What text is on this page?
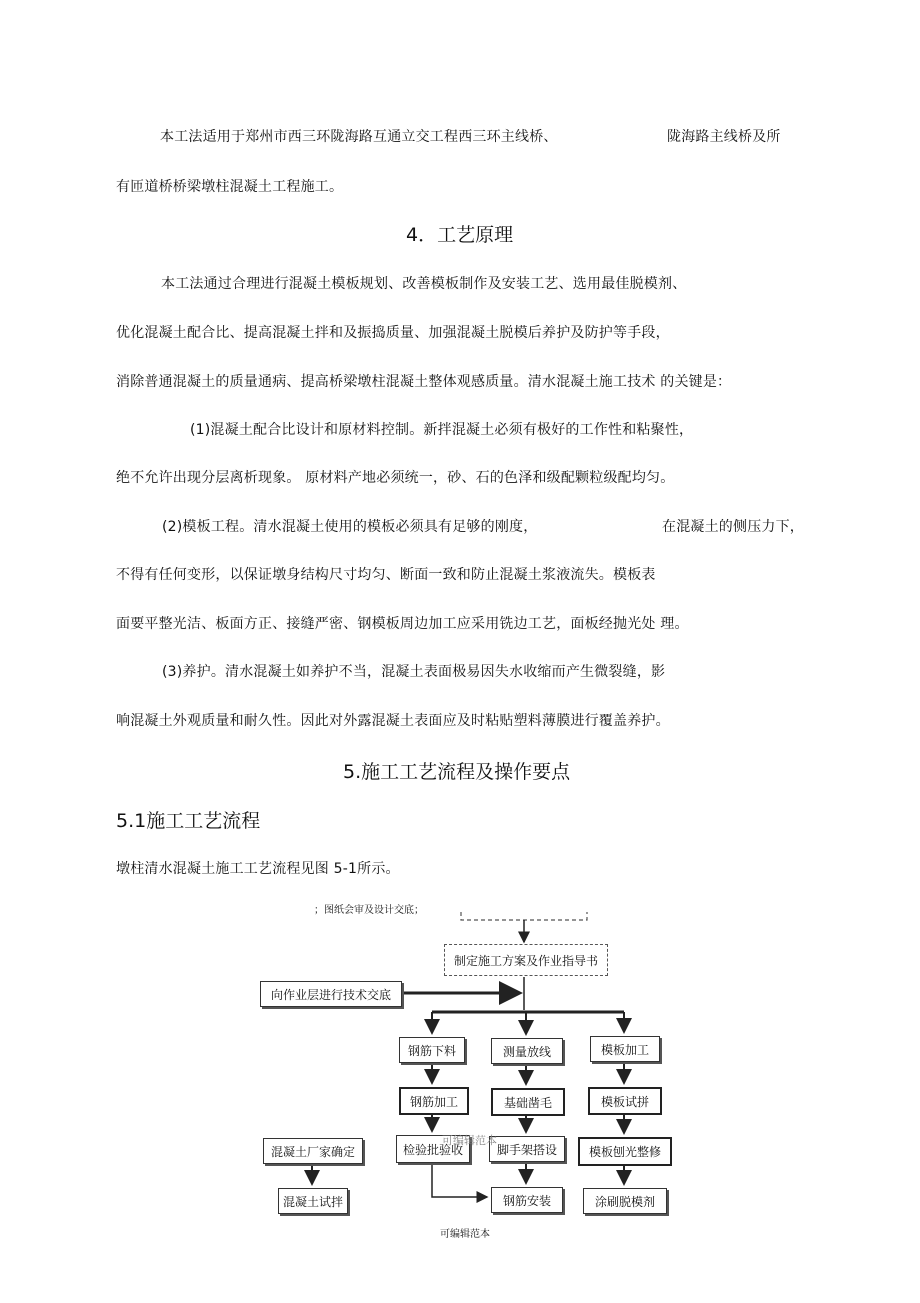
本工法适用于郑州市西三环陇海路互通立交工程西三环主线桥、	陇海路主线桥及所
有匝道桥桥梁墩柱混凝土工程施工。
4．工艺原理
本工法通过合理进行混凝土模板规划、改善模板制作及安装工艺、选用最佳脱模剂、
优化混凝土配合比、提高混凝土拌和及振捣质量、加强混凝土脱模后养护及防护等手段，
消除普通混凝土的质量通病、提高桥梁墩柱混凝土整体观感质量。清水混凝土施工技术 的关键是：
(1)混凝土配合比设计和原材料控制。新拌混凝土必须有极好的工作性和粘聚性，
绝不允许出现分层离析现象。 原材料产地必须统一，砂、石的色泽和级配颗粒级配均匀。
(2)模板工程。清水混凝土使用的模板必须具有足够的刚度，	在混凝土的侧压力下，
不得有任何变形，以保证墩身结构尺寸均匀、断面一致和防止混凝土浆液流失。模板表
面要平整光洁、板面方正、接缝严密、钢模板周边加工应采用铣边工艺，面板经抛光处 理。
(3)养护。清水混凝土如养护不当，混凝土表面极易因失水收缩而产生微裂缝，影
响混凝土外观质量和耐久性。因此对外露混凝土表面应及时粘贴塑料薄膜进行覆盖养护。
5.施工工艺流程及操作要点
5.1施工工艺流程
墩柱清水混凝土施工工艺流程见图 5-1所示。
；图纸会审及设计交底；
制定施工方案及作业指导书
向作业层进行技术交底
钢筋下料
钢筋加工
检验批验收
测量放线
基础凿毛
脚手架搭设
钢筋安装
模板加工
模板试拼
模板刨光整修
涂刷脱模剂
混凝土厂家确定
混凝土试拌
可编辑范本
可编辑范本
